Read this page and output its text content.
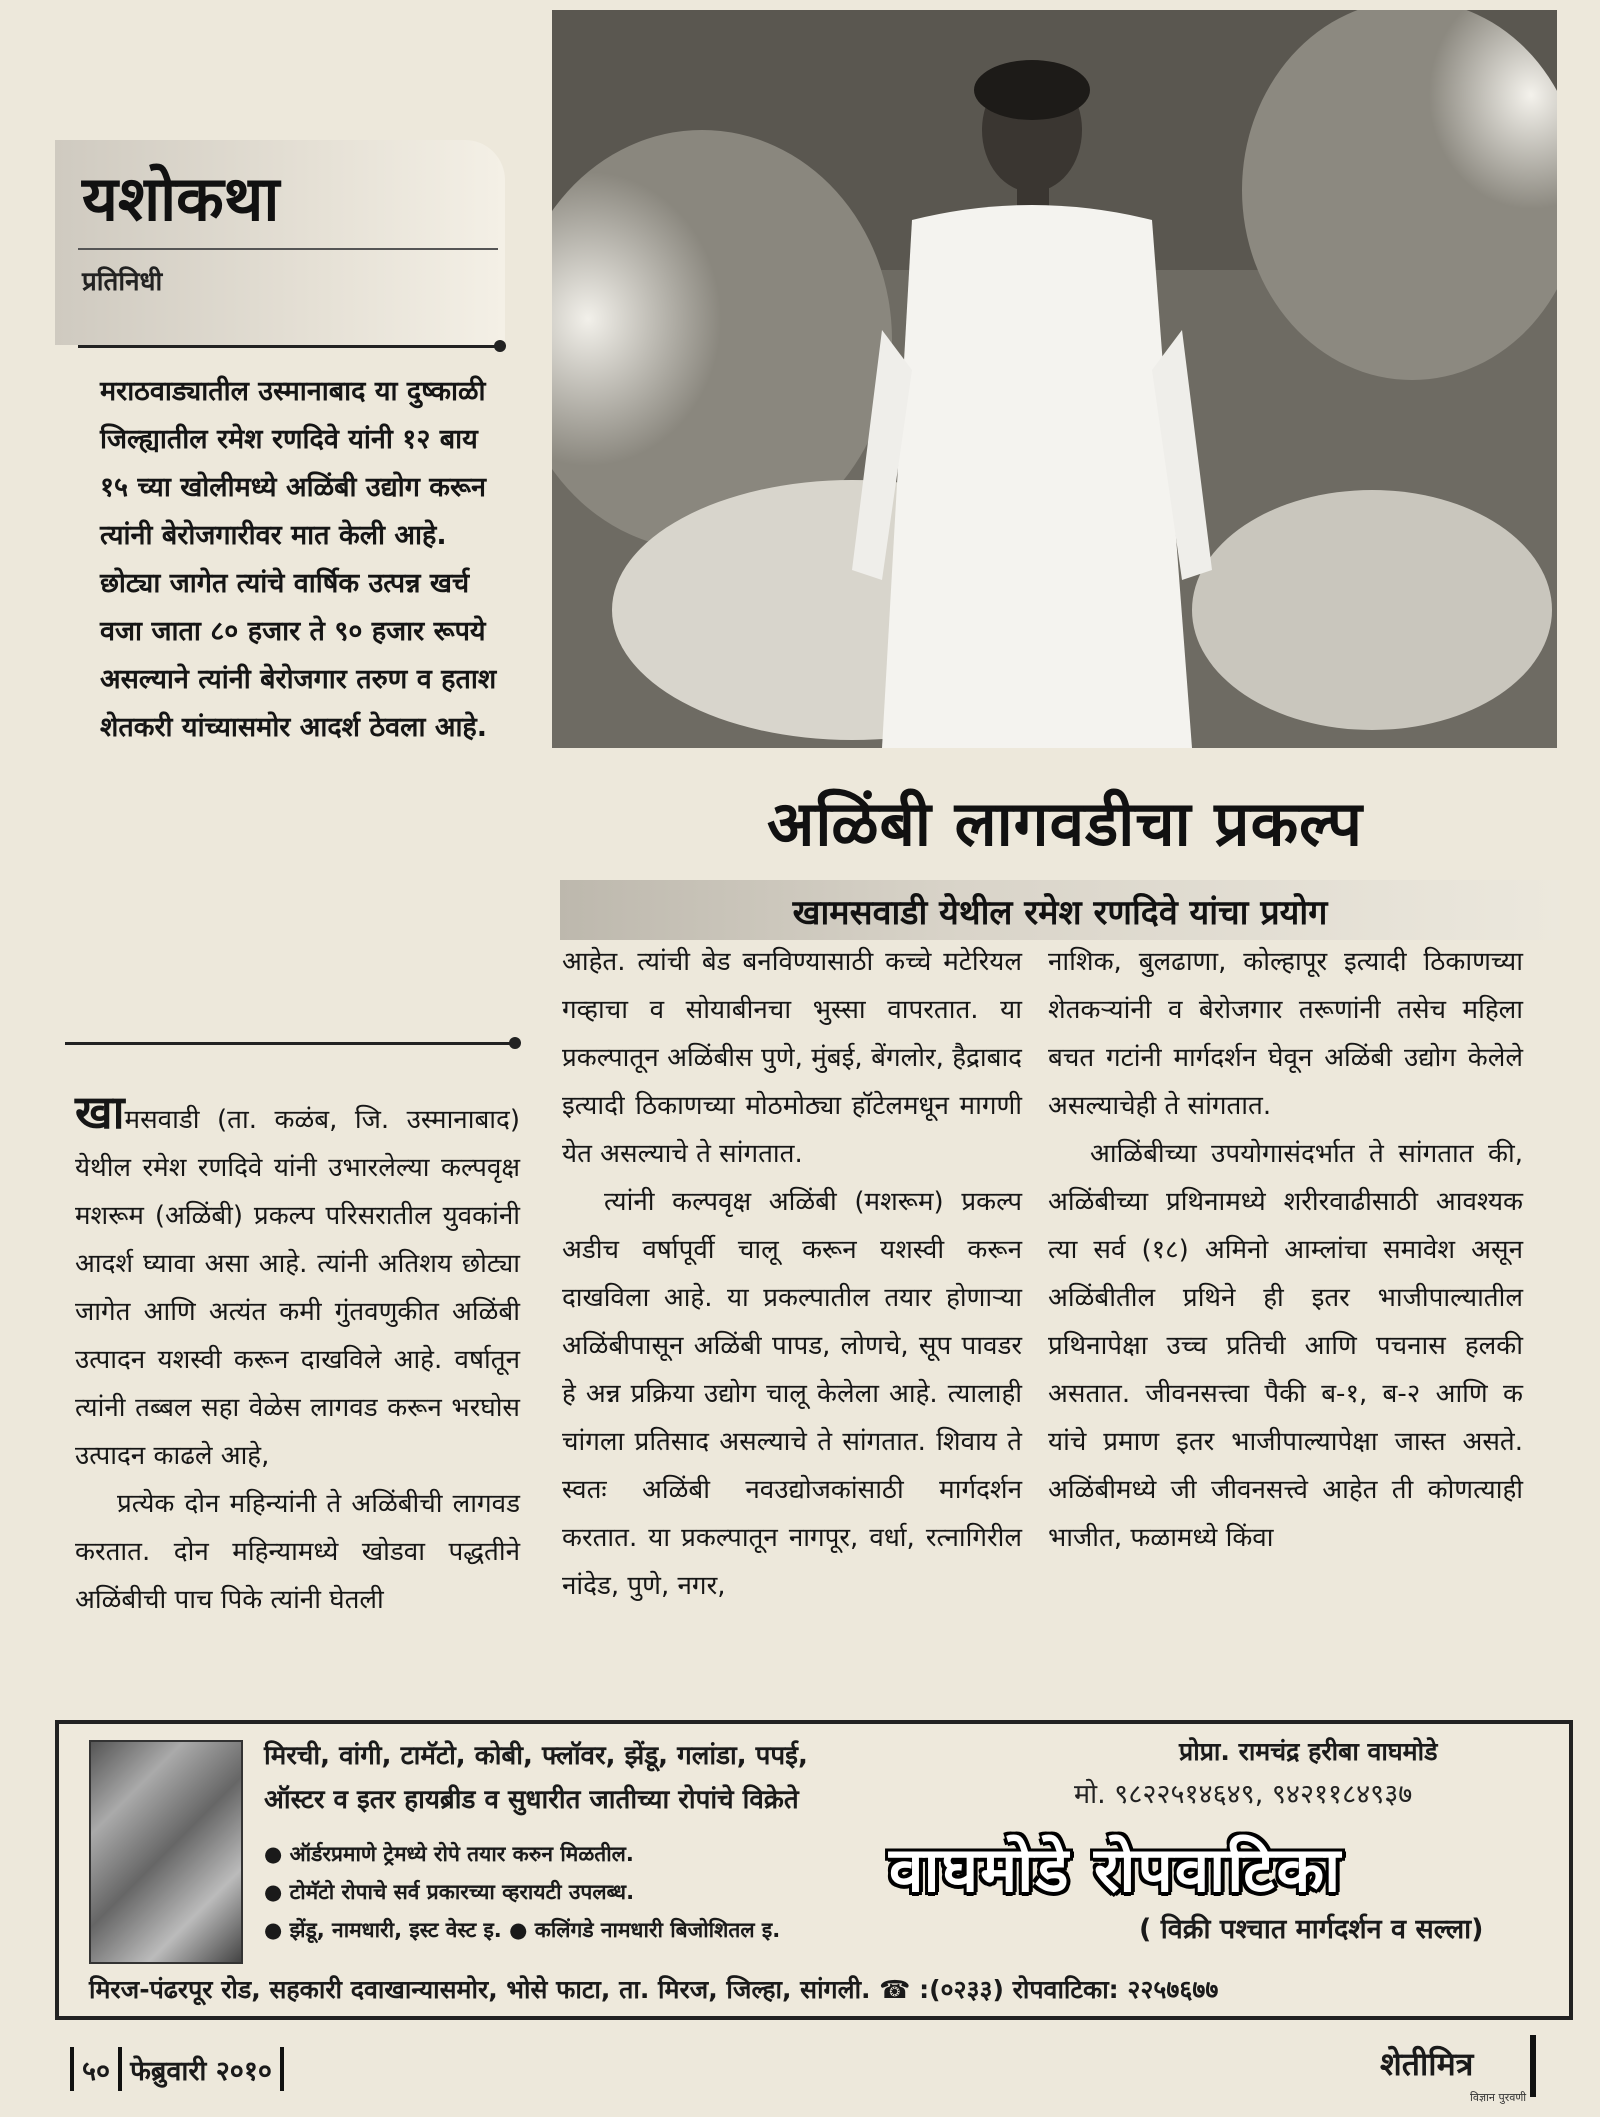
यशोकथा
प्रतिनिधी
मराठवाड्यातील उस्मानाबाद या दुष्काळी जिल्ह्यातील रमेश रणदिवे यांनी १२ बाय १५ च्या खोलीमध्ये अळिंबी उद्योग करून त्यांनी बेरोजगारीवर मात केली आहे. छोट्या जागेत त्यांचे वार्षिक उत्पन्न खर्च वजा जाता ८० हजार ते ९० हजार रूपये असल्याने त्यांनी बेरोजगार तरुण व हताश शेतकरी यांच्यासमोर आदर्श ठेवला आहे.
अळिंबी लागवडीचा प्रकल्प
खामसवाडी येथील रमेश रणदिवे यांचा प्रयोग

खामसवाडी (ता. कळंब, जि. उस्मानाबाद) येथील रमेश रणदिवे यांनी उभारलेल्या कल्पवृक्ष मशरूम (अळिंबी) प्रकल्प परिसरातील युवकांनी आदर्श घ्यावा असा आहे. त्यांनी अतिशय छोट्या जागेत आणि अत्यंत कमी गुंतवणुकीत अळिंबी उत्पादन यशस्वी करून दाखविले आहे. वर्षातून त्यांनी तब्बल सहा वेळेस लागवड करून भरघोस उत्पादन काढले आहे,

प्रत्येक दोन महिन्यांनी ते अळिंबीची लागवड करतात. दोन महिन्यामध्ये खोडवा पद्धतीने अळिंबीची पाच पिके त्यांनी घेतली

आहेत. त्यांची बेड बनविण्यासाठी कच्चे मटेरियल गव्हाचा व सोयाबीनचा भुस्सा वापरतात. या प्रकल्पातून अळिंबीस पुणे, मुंबई, बेंगलोर, हैद्राबाद इत्यादी ठिकाणच्या मोठमोठ्या हॉटेलमधून मागणी येत असल्याचे ते सांगतात.

त्यांनी कल्पवृक्ष अळिंबी (मशरूम) प्रकल्प अडीच वर्षापूर्वी चालू करून यशस्वी करून दाखविला आहे. या प्रकल्पातील तयार होणाऱ्या अळिंबीपासून अळिंबी पापड, लोणचे, सूप पावडर हे अन्न प्रक्रिया उद्योग चालू केलेला आहे. त्यालाही चांगला प्रतिसाद असल्याचे ते सांगतात. शिवाय ते स्वतः अळिंबी नवउद्योजकांसाठी मार्गदर्शन करतात. या प्रकल्पातून नागपूर, वर्धा, रत्नागिरील नांदेड, पुणे, नगर,

नाशिक, बुलढाणा, कोल्हापूर इत्यादी ठिकाणच्या शेतकऱ्यांनी व बेरोजगार तरूणांनी तसेच महिला बचत गटांनी मार्गदर्शन घेवून अळिंबी उद्योग केलेले असल्याचेही ते सांगतात.

आळिंबीच्या उपयोगासंदर्भात ते सांगतात की, अळिंबीच्या प्रथिनामध्ये शरीरवाढीसाठी आवश्यक त्या सर्व (१८) अमिनो आम्लांचा समावेश असून अळिंबीतील प्रथिने ही इतर भाजीपाल्यातील प्रथिनापेक्षा उच्च प्रतिची आणि पचनास हलकी असतात. जीवनसत्त्वा पैकी ब-१, ब-२ आणि क यांचे प्रमाण इतर भाजीपाल्यापेक्षा जास्त असते. अळिंबीमध्ये जी जीवनसत्त्वे आहेत ती कोणत्याही भाजीत, फळामध्ये किंवा

मिरची, वांगी, टामॅटो, कोबी, फ्लॉवर, झेंडू, गलांडा, पपई,
ऑस्टर व इतर हायब्रीड व सुधारीत जातीच्या रोपांचे विक्रेते
● ऑर्डरप्रमाणे ट्रेमध्ये रोपे तयार करुन मिळतील.
● टोमॅटो रोपाचे सर्व प्रकारच्या व्हरायटी उपलब्ध.
● झेंडू, नामधारी, इस्ट वेस्ट इ. ● कलिंगडे नामधारी बिजोशितल इ.
प्रोप्रा. रामचंद्र हरीबा वाघमोडे
मो. ९८२२५१४६४९, ९४२११८४९३७
वाघमोडे रोपवाटिका
( विक्री पश्चात मार्गदर्शन व सल्ला)
मिरज-पंढरपूर रोड, सहकारी दवाखान्यासमोर, भोसे फाटा, ता. मिरज, जिल्हा, सांगली. ☎ :(०२३३) रोपवाटिका: २२५७६७७
५० फेब्रुवारी २०१०	शेतीमित्र
विज्ञान पुरवणी
